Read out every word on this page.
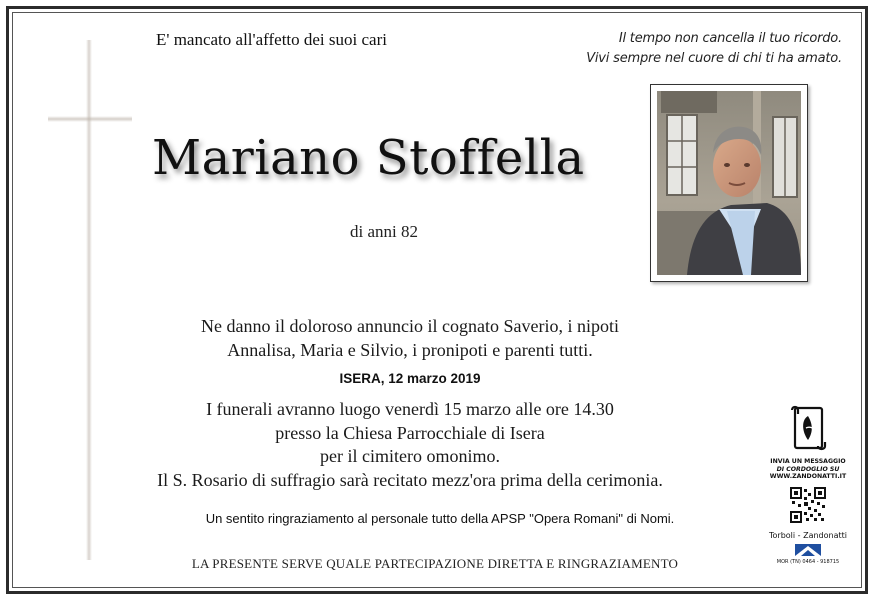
E' mancato all'affetto dei suoi cari	Il tempo non cancella il tuo ricordo.
Vivi sempre nel cuore di chi ti ha amato.
Mariano Stoffella
di anni 82
Ne danno il doloroso annuncio il cognato Saverio, i nipoti
Annalisa, Maria e Silvio, i pronipoti e parenti tutti.
ISERA, 12 marzo 2019
I funerali avranno luogo venerdì 15 marzo alle ore 14.30
presso la Chiesa Parrocchiale di Isera
per il cimitero omonimo.
Il S. Rosario di suffragio sarà recitato mezz'ora prima della cerimonia.
Un sentito ringraziamento al personale tutto della APSP "Opera Romani" di Nomi.
LA PRESENTE SERVE QUALE PARTECIPAZIONE DIRETTA E RINGRAZIAMENTO
INVIA UN MESSAGGIO
DI CORDOGLIO SU
WWW.ZANDONATTI.IT
Torboli - Zandonatti
MOR (TN) 0464 - 918715
